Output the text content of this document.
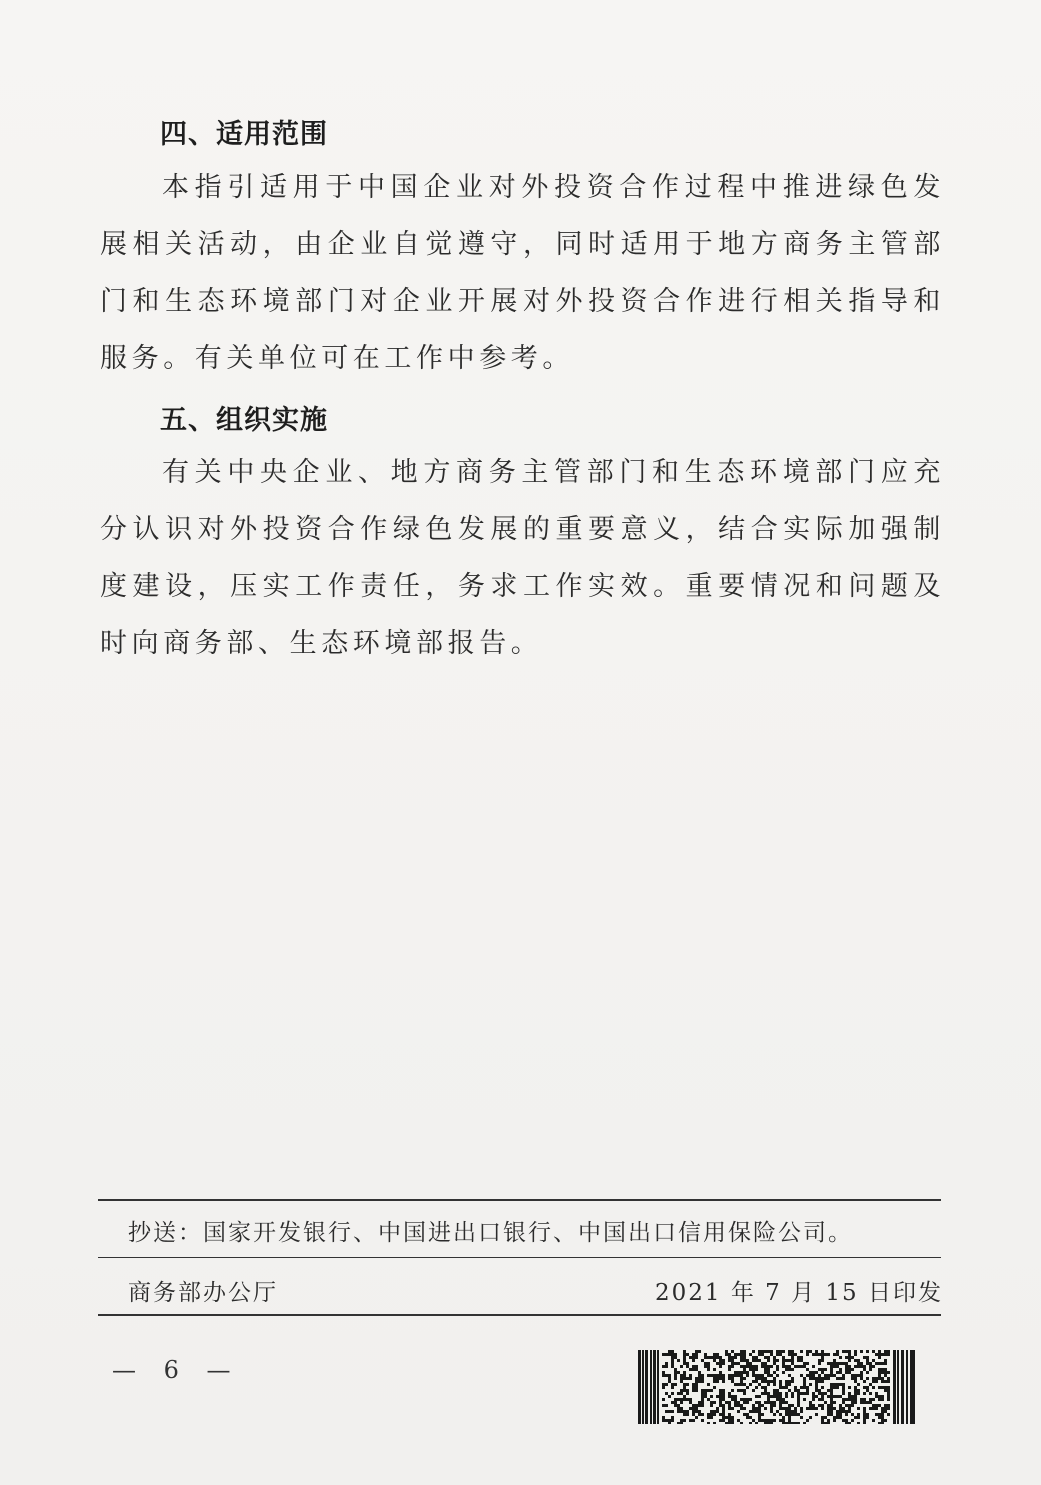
四、适用范围
本指引适用于中国企业对外投资合作过程中推进绿色发展相关活动，由企业自觉遵守，同时适用于地方商务主管部门和生态环境部门对企业开展对外投资合作进行相关指导和服务。有关单位可在工作中参考。
五、组织实施
有关中央企业、地方商务主管部门和生态环境部门应充分认识对外投资合作绿色发展的重要意义，结合实际加强制度建设，压实工作责任，务求工作实效。重要情况和问题及时向商务部、生态环境部报告。
抄送：国家开发银行、中国进出口银行、中国出口信用保险公司。
商务部办公厅	2021 年 7 月 15 日印发
— 6 —
